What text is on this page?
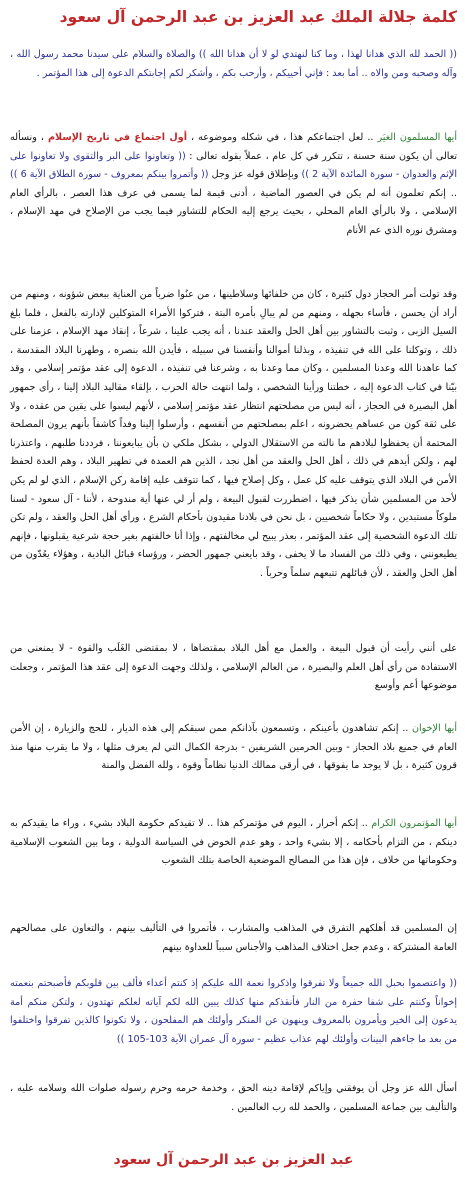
كلمة جلالة الملك عبد العزيز بن عبد الرحمن آل سعود

(( الحمد لله الذي هدانا لهذا ، وما كنا لنهتدي لو لا أن هدانا الله )) والصلاة والسلام على سيدنا محمد رسول الله ، وآله وصحبه ومن والاه .. أما بعد : فإني أحييكم ، وأرحب بكم ، وأشكر لكم إجابتكم الدعوة إلى هذا المؤتمر .

أيها المسلمون الغيَر .. لعل اجتماعكم هذا ، في شكله وموضوعه ، أول اجتماع في تاريخ الإسلام ، ونسأله تعالى أن يكون سنة حسنة ، تتكرر في كل عام ، عملاً بقوله تعالى : (( وتعاونوا على البر والتقوى ولا تعاونوا على الإثم والعدوان - سورة المائدة الآية 2 )) وبإطلاق قوله عز وجل (( وأتمروا بينكم بمعروف - سورة الطلاق الآية 6 )) .. إنكم تعلمون أنه لم يكن في العصور الماضية ، أدنى قيمة لما يسمى في عرف هذا العصر ، بالرأي العام الإسلامي ، ولا بالرأي العام المحلي ، بحيث يرجع إليه الحكام للتشاور فيما يجب من الإصلاح في مهد الإسلام ، ومشرق نوره الذي عم الأنام

وقد تولت أمر الحجاز دول كثيرة ، كان من خلفائها وسلاطينها ، من عنُوا ضرباً من العناية ببعض شؤونه ، ومنهم من أراد أن يحسن ، فأساء بجهله ، ومنهم من لم يبالِ بأمره البتة ، فتركوا الأمراء المتوكلين لإدارته بالفعل ، فلما بلغ السيل الزبى ، وثبت بالتشاور بين أهل الحل والعقد عندنا ، أنه يجب علينا ، شرعاً ، إنقاذ مهد الإسلام ، عزمنا على ذلك ، وتوكلنا على الله في تنفيذه ، وبذلنا أموالنا وأنفسنا في سبيله ، فأيدن الله بنصره ، وطهرنا البلاد المقدسة ، كما عاهدنا الله وعدنا المسلمين ، وكان مما وعدنا به ، وشرعنا في تنفيذه ، الدعوة إلى عقد مؤتمر إسلامي ، وقد بيّنا في كتاب الدعوة إليه ، خطتنا ورأينا الشخصي ، ولما انتهت حالة الحرب ، بإلقاء مقاليد البلاد إلينا ، رأى جمهور أهل البصيرة في الحجاز ، أنه ليس من مصلحتهم انتظار عقد مؤتمر إسلامي ، لأنهم ليسوا على يقين من عقده ، ولا على ثقة كون من عساهم يحضرونه ، اعلم بمصلحتهم من أنفسهم ، وأرسلوا إلينا وفداً كاشفاً بأنهم يرون المصلحة المحتمة أن يحفظوا لبلادهم ما نالته من الاستقلال الدولي ، بشكل ملكي ن بأن يبايعوننا ، فرددنا طلبهم ، واعتذرنا لهم ، ولكن أيدهم في ذلك ، أهل الحل والعقد من أهل نجد ، الذين هم العمدة في تطهير البلاد ، وهم العدة لحفظ الأمن في البلاد الذي يتوقف عليه كل عمل ، وكل إصلاح فيها ، كما تتوقف عليه إقامة ركن الإسلام ، الذي لو لم يكن لأحد من المسلمين شأن يذكر فيها ، اضطررت لقبول البيعة ، ولم أر لي عنها أية مندوحة ، لأننا - آل سعود - لسنا ملوكاً مستبدين ، ولا حكاماً شخصيين ، بل نحن في بلادنا مقيدون بأحكام الشرع ، ورأي أهل الحل والعقد ، ولم تكن تلك الدعوة الشخصية إلى عقد المؤتمر ، بعذر يبيح لي مخالفتهم ، وإذا أنا خالفتهم بغير حجة شرعية يقبلونها ، فإنهم يطيعونني ، وفي ذلك من الفساد ما لا يخفى ، وقد بايعني جمهور الحضر ، ورؤساء قبائل البادية ، وهؤلاء يعُدّون من أهل الحل والعقد ، لأن قبائلهم تتبعهم سلماً وحرباً .

على أنني رأيت أن قبول البيعة ، والعمل مع أهل البلاد بمقتضاها ، لا بمقتضى الغَلَب والقوة - لا يمنعني من الاستفادة من رأي أهل العلم والبصيرة ، من العالم الإسلامي ، ولذلك وجهت الدعوة إلى عقد هذا المؤتمر ، وجعلت موضوعها أعم وأوسع

أيها الإخوان .. إنكم تشاهدون بأعينكم ، وتسمعون بآذانكم ممن سبقكم إلى هذه الديار ، للحج والزيارة ، إن الأمن العام في جميع بلاد الحجاز - وبين الحرمين الشريفين - بدرجة الكمال التي لم يعرف مثلها ، ولا ما يقرب منها منذ قرون كثيرة ، بل لا يوجد ما يفوقها ، في أرقى ممالك الدنيا نظاماً وقوة ، ولله الفضل والمنة

أيها المؤتمرون الكرام .. إنكم أحرار ، اليوم في مؤتمركم هذا .. لا تقيدكم حكومة البلاد بشيء ، وراء ما يقيدكم به دينكم ، من التزام بأحكامه ، إلا بشيء واحد ، وهو عدم الخوض في السياسة الدولية ، وما بين الشعوب الإسلامية وحكوماتها من خلاف ، فإن هذا من المصالح الموضعية الخاصة بتلك الشعوب

إن المسلمين قد أهلكهم التفرق في المذاهب والمشارب ، فأتمروا في التأليف بينهم ، والتعاون على مصالحهم العامة المشتركة ، وعدم جعل اختلاف المذاهب والأجناس سبباً للعداوة بينهم

(( واعتصموا بحبل الله جميعاً ولا تفرقوا واذكروا نعمة الله عليكم إذ كنتم أعداء فألف بين قلوبكم فأصبحتم بنعمته إخواناً وكنتم على شفا حفرة من النار فأنقذكم منها كذلك يبين الله لكم آياته لعلكم تهتدون ، ولتكن منكم أمة يدعون إلى الخير ويأمرون بالمعروف وينهون عن المنكر وأولئك هم المفلحون ، ولا تكونوا كالذين تفرقوا واختلفوا من بعد ما جاءهم البينات وأولئك لهم عذاب عظيم - سورة آل عمران الآية 103-105 ))

أسأل الله عز وجل أن يوفقني وإياكم لإقامة دينه الحق ، وخدمة حرمه وحرم رسوله صلوات الله وسلامه عليه ، والتأليف بين جماعة المسلمين ، والحمد لله رب العالمين .

عبد العزيز بن عبد الرحمن آل سعود
